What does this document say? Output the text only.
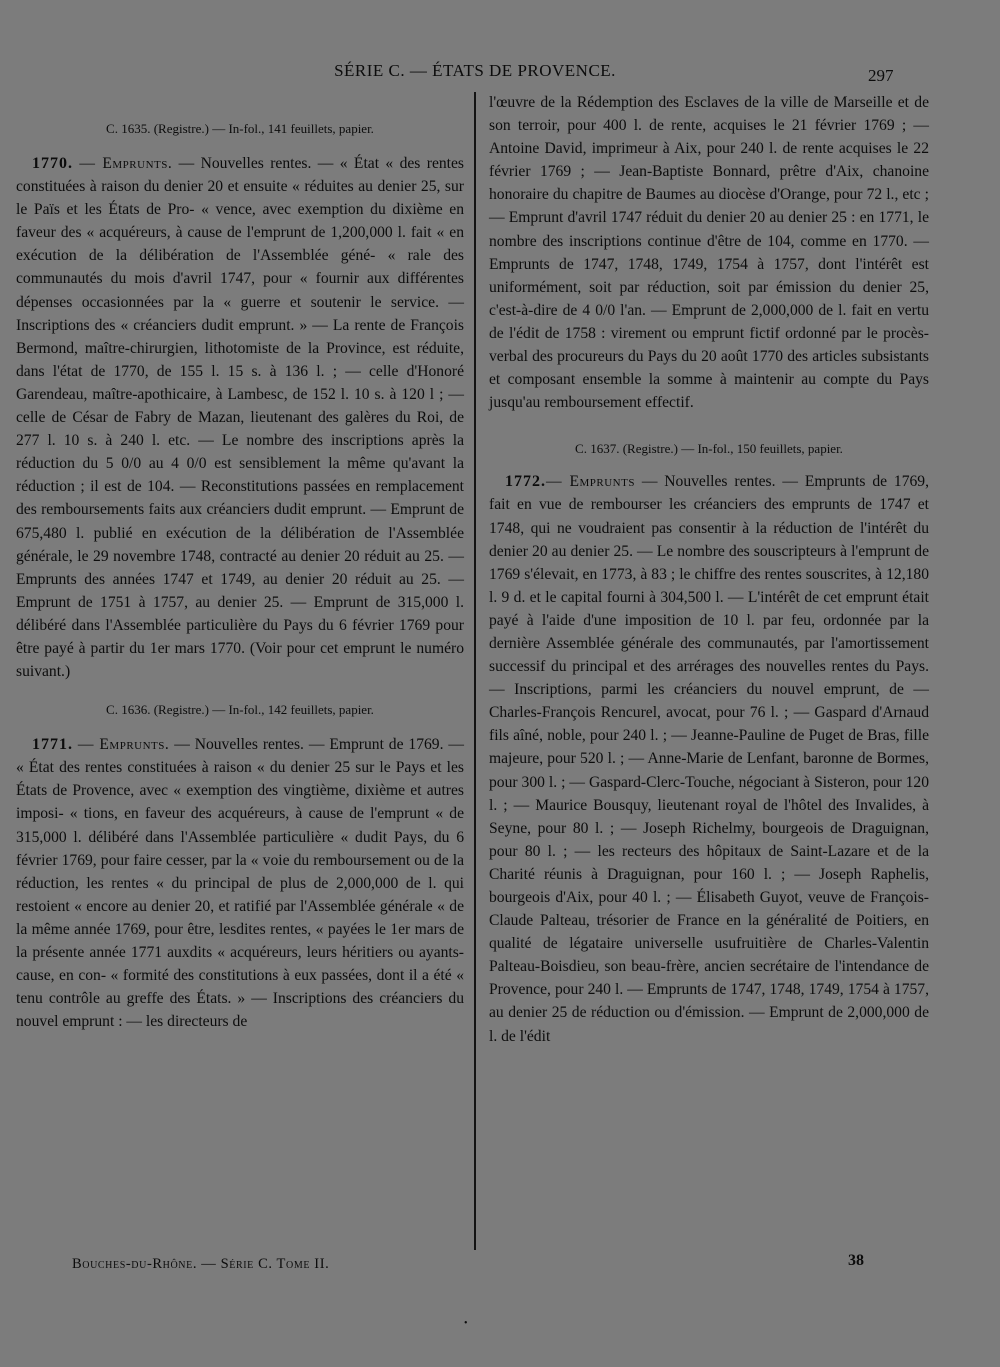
SÉRIE C. — ÉTATS DE PROVENCE.	297

C. 1635. (Registre.) — In-fol., 141 feuillets, papier.

1770. — Emprunts. — Nouvelles rentes. — « État « des rentes constituées à raison du denier 20 et ensuite « réduites au denier 25, sur le Païs et les États de Pro- « vence, avec exemption du dixième en faveur des « acquéreurs, à cause de l'emprunt de 1,200,000 l. fait « en exécution de la délibération de l'Assemblée géné- « rale des communautés du mois d'avril 1747, pour « fournir aux différentes dépenses occasionnées par la « guerre et soutenir le service. — Inscriptions des « créanciers dudit emprunt. » — La rente de François Bermond, maître-chirurgien, lithotomiste de la Province, est réduite, dans l'état de 1770, de 155 l. 15 s. à 136 l. ; — celle d'Honoré Garendeau, maître-apothicaire, à Lambesc, de 152 l. 10 s. à 120 l ; — celle de César de Fabry de Mazan, lieutenant des galères du Roi, de 277 l. 10 s. à 240 l. etc. — Le nombre des inscriptions après la réduction du 5 0/0 au 4 0/0 est sensiblement la même qu'avant la réduction ; il est de 104. — Reconstitutions passées en remplacement des remboursements faits aux créanciers dudit emprunt. — Emprunt de 675,480 l. publié en exécution de la délibération de l'Assemblée générale, le 29 novembre 1748, contracté au denier 20 réduit au 25. — Emprunts des années 1747 et 1749, au denier 20 réduit au 25. — Emprunt de 1751 à 1757, au denier 25. — Emprunt de 315,000 l. délibéré dans l'Assemblée particulière du Pays du 6 février 1769 pour être payé à partir du 1er mars 1770. (Voir pour cet emprunt le numéro suivant.)

C. 1636. (Registre.) — In-fol., 142 feuillets, papier.

1771. — Emprunts. — Nouvelles rentes. — Emprunt de 1769. — « État des rentes constituées à raison « du denier 25 sur le Pays et les États de Provence, avec « exemption des vingtième, dixième et autres imposi- « tions, en faveur des acquéreurs, à cause de l'emprunt « de 315,000 l. délibéré dans l'Assemblée particulière « dudit Pays, du 6 février 1769, pour faire cesser, par la « voie du remboursement ou de la réduction, les rentes « du principal de plus de 2,000,000 de l. qui restoient « encore au denier 20, et ratifié par l'Assemblée générale « de la même année 1769, pour être, lesdites rentes, « payées le 1er mars de la présente année 1771 auxdits « acquéreurs, leurs héritiers ou ayants-cause, en con- « formité des constitutions à eux passées, dont il a été « tenu contrôle au greffe des États. » — Inscriptions des créanciers du nouvel emprunt : — les directeurs de

l'œuvre de la Rédemption des Esclaves de la ville de Marseille et de son terroir, pour 400 l. de rente, acquises le 21 février 1769 ; — Antoine David, imprimeur à Aix, pour 240 l. de rente acquises le 22 février 1769 ; — Jean-Baptiste Bonnard, prêtre d'Aix, chanoine honoraire du chapitre de Baumes au diocèse d'Orange, pour 72 l., etc ; — Emprunt d'avril 1747 réduit du denier 20 au denier 25 : en 1771, le nombre des inscriptions continue d'être de 104, comme en 1770. — Emprunts de 1747, 1748, 1749, 1754 à 1757, dont l'intérêt est uniformément, soit par réduction, soit par émission du denier 25, c'est-à-dire de 4 0/0 l'an. — Emprunt de 2,000,000 de l. fait en vertu de l'édit de 1758 : virement ou emprunt fictif ordonné par le procès-verbal des procureurs du Pays du 20 août 1770 des articles subsistants et composant ensemble la somme à maintenir au compte du Pays jusqu'au remboursement effectif.

C. 1637. (Registre.) — In-fol., 150 feuillets, papier.

1772.— Emprunts — Nouvelles rentes. — Emprunts de 1769, fait en vue de rembourser les créanciers des emprunts de 1747 et 1748, qui ne voudraient pas consentir à la réduction de l'intérêt du denier 20 au denier 25. — Le nombre des souscripteurs à l'emprunt de 1769 s'élevait, en 1773, à 83 ; le chiffre des rentes souscrites, à 12,180 l. 9 d. et le capital fourni à 304,500 l. — L'intérêt de cet emprunt était payé à l'aide d'une imposition de 10 l. par feu, ordonnée par la dernière Assemblée générale des communautés, par l'amortissement successif du principal et des arrérages des nouvelles rentes du Pays. — Inscriptions, parmi les créanciers du nouvel emprunt, de — Charles-François Rencurel, avocat, pour 76 l. ; — Gaspard d'Arnaud fils aîné, noble, pour 240 l. ; — Jeanne-Pauline de Puget de Bras, fille majeure, pour 520 l. ; — Anne-Marie de Lenfant, baronne de Bormes, pour 300 l. ; — Gaspard-Clerc-Touche, négociant à Sisteron, pour 120 l. ; — Maurice Bousquy, lieutenant royal de l'hôtel des Invalides, à Seyne, pour 80 l. ; — Joseph Richelmy, bourgeois de Draguignan, pour 80 l. ; — les recteurs des hôpitaux de Saint-Lazare et de la Charité réunis à Draguignan, pour 160 l. ; — Joseph Raphelis, bourgeois d'Aix, pour 40 l. ; — Élisabeth Guyot, veuve de François-Claude Palteau, trésorier de France en la généralité de Poitiers, en qualité de légataire universelle usufruitière de Charles-Valentin Palteau-Boisdieu, son beau-frère, ancien secrétaire de l'intendance de Provence, pour 240 l. — Emprunts de 1747, 1748, 1749, 1754 à 1757, au denier 25 de réduction ou d'émission. — Emprunt de 2,000,000 de l. de l'édit

Bouches-du-Rhône. — Série C. Tome II.	38
•
